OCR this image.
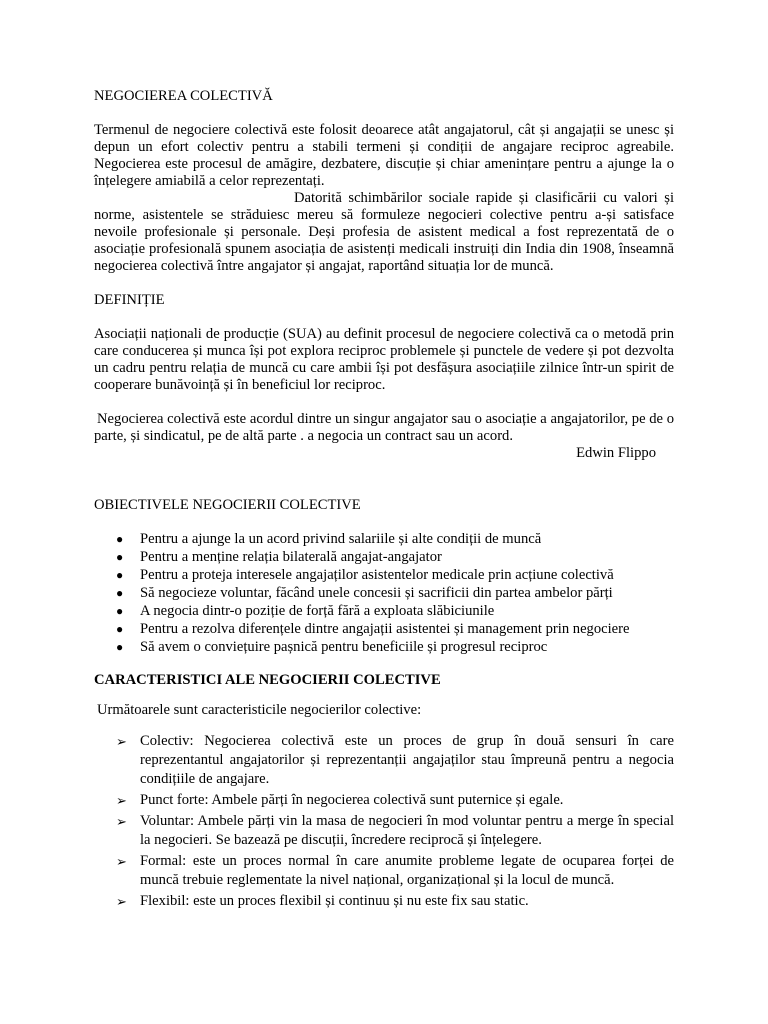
NEGOCIEREA COLECTIVĂ

Termenul de negociere colectivă este folosit deoarece atât angajatorul, cât și angajații se unesc și depun un efort colectiv pentru a stabili termeni și condiții de angajare reciproc agreabile. Negocierea este procesul de amăgire, dezbatere, discuție și chiar amenințare pentru a ajunge la o înțelegere amiabilă a celor reprezentați.

Datorită schimbărilor sociale rapide și clasificării cu valori și norme, asistentele se străduiesc mereu să formuleze negocieri colective pentru a-și satisface nevoile profesionale și personale. Deși profesia de asistent medical a fost reprezentată de o asociație profesională spunem asociația de asistenți medicali instruiți din India din 1908, înseamnă negocierea colectivă între angajator și angajat, raportând situația lor de muncă.

DEFINIȚIE

Asociații naționali de producție (SUA) au definit procesul de negociere colectivă ca o metodă prin care conducerea și munca își pot explora reciproc problemele și punctele de vedere și pot dezvolta un cadru pentru relația de muncă cu care ambii își pot desfășura asociațiile zilnice într-un spirit de cooperare bunăvoință și în beneficiul lor reciproc.

Negocierea colectivă este acordul dintre un singur angajator sau o asociație a angajatorilor, pe de o parte, și sindicatul, pe de altă parte . a negocia un contract sau un acord.

Edwin Flippo

OBIECTIVELE NEGOCIERII COLECTIVE
● Pentru a ajunge la un acord privind salariile și alte condiții de muncă
● Pentru a menține relația bilaterală angajat-angajator
● Pentru a proteja interesele angajaților asistentelor medicale prin acțiune colectivă
● Să negocieze voluntar, făcând unele concesii și sacrificii din partea ambelor părți
● A negocia dintr-o poziție de forță fără a exploata slăbiciunile
● Pentru a rezolva diferențele dintre angajații asistentei și management prin negociere
● Să avem o conviețuire pașnică pentru beneficiile și progresul reciproc
CARACTERISTICI ALE NEGOCIERII COLECTIVE

Următoarele sunt caracteristicile negocierilor colective:

➢ Colectiv: Negocierea colectivă este un proces de grup în două sensuri în care reprezentantul angajatorilor și reprezentanții angajaților stau împreună pentru a negocia condițiile de angajare.
➢ Punct forte: Ambele părți în negocierea colectivă sunt puternice și egale.
➢ Voluntar: Ambele părți vin la masa de negocieri în mod voluntar pentru a merge în special la negocieri. Se bazează pe discuții, încredere reciprocă și înțelegere.
➢ Formal: este un proces normal în care anumite probleme legate de ocuparea forței de muncă trebuie reglementate la nivel național, organizațional și la locul de muncă.
➢ Flexibil: este un proces flexibil și continuu și nu este fix sau static.
